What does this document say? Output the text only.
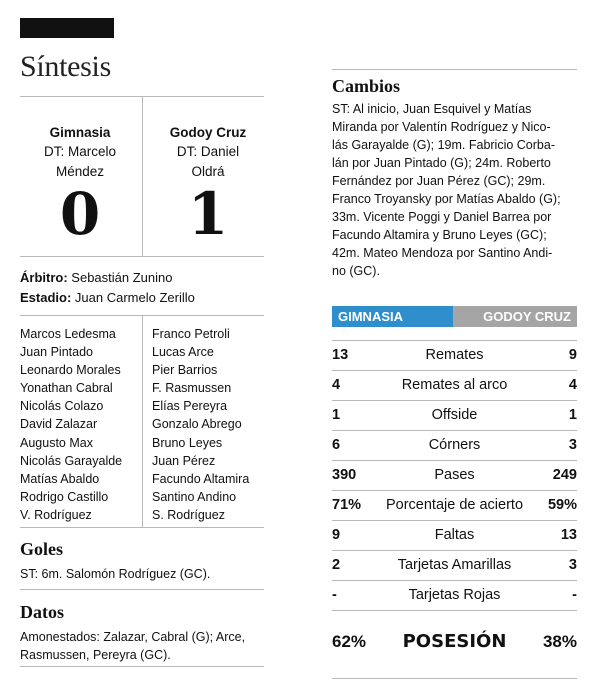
Síntesis
Gimnasia
DT: Marcelo
Méndez
0
Godoy Cruz
DT: Daniel
Oldrá
1
Árbitro: Sebastián Zunino
Estadio: Juan Carmelo Zerillo
Marcos Ledesma
Juan Pintado
Leonardo Morales
Yonathan Cabral
Nicolás Colazo
David Zalazar
Augusto Max
Nicolás Garayalde
Matías Abaldo
Rodrigo Castillo
V. Rodríguez
Franco Petroli
Lucas Arce
Pier Barrios
F. Rasmussen
Elías Pereyra
Gonzalo Abrego
Bruno Leyes
Juan Pérez
Facundo Altamira
Santino Andino
S. Rodríguez
Goles
ST: 6m. Salomón Rodríguez (GC).
Datos
Amonestados: Zalazar, Cabral (G); Arce,
Rasmussen, Pereyra (GC).
Cambios
ST: Al inicio, Juan Esquivel y Matías
Miranda por Valentín Rodríguez y Nico-
lás Garayalde (G); 19m. Fabricio Corba-
lán por Juan Pintado (G); 24m. Roberto
Fernández por Juan Pérez (GC); 29m.
Franco Troyansky por Matías Abaldo (G);
33m. Vicente Poggi y Daniel Barrea por
Facundo Altamira y Bruno Leyes (GC);
42m. Mateo Mendoza por Santino Andi-
no (GC).
GIMNASIA	GODOY CRUZ
13	Remates	9
4	Remates al arco	4
1	Offside	1
6	Córners	3
390	Pases	249
71%	Porcentaje de acierto	59%
9	Faltas	13
2	Tarjetas Amarillas	3
-	Tarjetas Rojas	-
62%	POSESIÓN	38%
